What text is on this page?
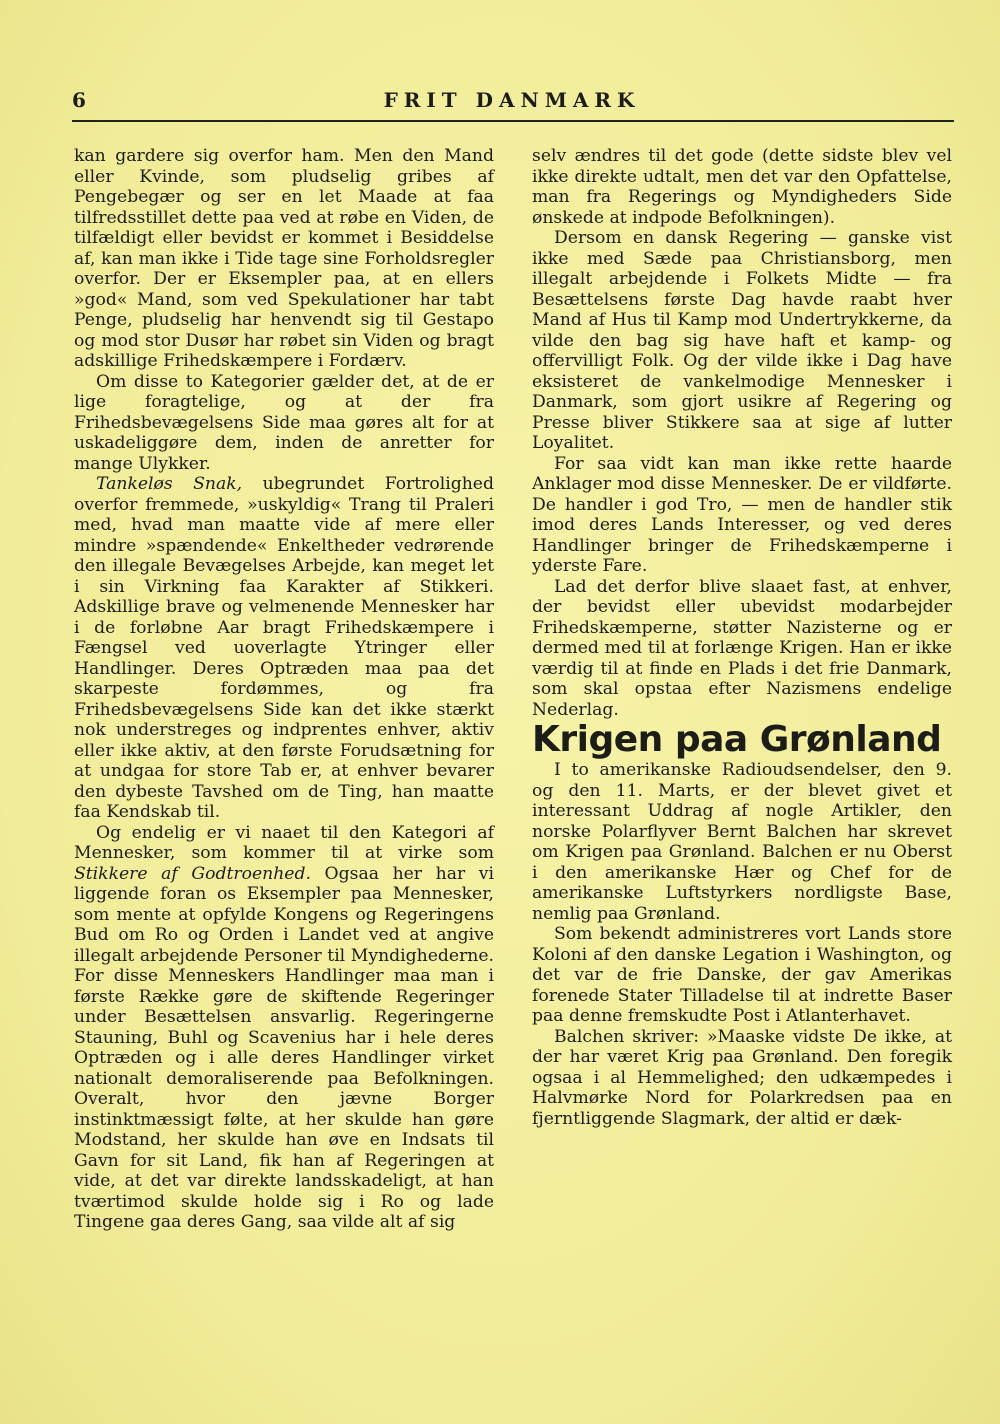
6	FRIT DANMARK

kan gardere sig overfor ham. Men den Mand eller Kvinde, som pludselig gribes af Pengebegær og ser en let Maade at faa tilfredsstillet dette paa ved at røbe en Viden, de tilfældigt eller bevidst er kommet i Besiddelse af, kan man ikke i Tide tage sine Forholdsregler overfor. Der er Eksempler paa, at en ellers »god« Mand, som ved Spekulationer har tabt Penge, pludselig har henvendt sig til Gestapo og mod stor Dusør har røbet sin Viden og bragt adskillige Frihedskæmpere i Fordærv.

Om disse to Kategorier gælder det, at de er lige foragtelige, og at der fra Frihedsbevægelsens Side maa gøres alt for at uskadeliggøre dem, inden de anretter for mange Ulykker.

Tankeløs Snak, ubegrundet Fortrolighed overfor fremmede, »uskyldig« Trang til Praleri med, hvad man maatte vide af mere eller mindre »spændende« Enkeltheder vedrørende den illegale Bevægelses Arbejde, kan meget let i sin Virkning faa Karakter af Stikkeri. Adskillige brave og velmenende Mennesker har i de forløbne Aar bragt Frihedskæmpere i Fængsel ved uoverlagte Ytringer eller Handlinger. Deres Optræden maa paa det skarpeste fordømmes, og fra Frihedsbevægelsens Side kan det ikke stærkt nok understreges og indprentes enhver, aktiv eller ikke aktiv, at den første Forudsætning for at undgaa for store Tab er, at enhver bevarer den dybeste Tavshed om de Ting, han maatte faa Kendskab til.

Og endelig er vi naaet til den Kategori af Mennesker, som kommer til at virke som Stikkere af Godtroenhed. Ogsaa her har vi liggende foran os Eksempler paa Mennesker, som mente at opfylde Kongens og Regeringens Bud om Ro og Orden i Landet ved at angive illegalt arbejdende Personer til Myndighederne. For disse Menneskers Handlinger maa man i første Række gøre de skiftende Regeringer under Besættelsen ansvarlig. Regeringerne Stauning, Buhl og Scavenius har i hele deres Optræden og i alle deres Handlinger virket nationalt demoraliserende paa Befolkningen. Overalt, hvor den jævne Borger instinktmæssigt følte, at her skulde han gøre Modstand, her skulde han øve en Indsats til Gavn for sit Land, fik han af Regeringen at vide, at det var direkte landsskadeligt, at han tværtimod skulde holde sig i Ro og lade Tingene gaa deres Gang, saa vilde alt af sig

selv ændres til det gode (dette sidste blev vel ikke direkte udtalt, men det var den Opfattelse, man fra Regerings og Myndigheders Side ønskede at indpode Befolkningen).

Dersom en dansk Regering — ganske vist ikke med Sæde paa Christiansborg, men illegalt arbejdende i Folkets Midte — fra Besættelsens første Dag havde raabt hver Mand af Hus til Kamp mod Undertrykkerne, da vilde den bag sig have haft et kamp- og offervilligt Folk. Og der vilde ikke i Dag have eksisteret de vankelmodige Mennesker i Danmark, som gjort usikre af Regering og Presse bliver Stikkere saa at sige af lutter Loyalitet.

For saa vidt kan man ikke rette haarde Anklager mod disse Mennesker. De er vildførte. De handler i god Tro, — men de handler stik imod deres Lands Interesser, og ved deres Handlinger bringer de Frihedskæmperne i yderste Fare.

Lad det derfor blive slaaet fast, at enhver, der bevidst eller ubevidst modarbejder Frihedskæmperne, støtter Nazisterne og er dermed med til at forlænge Krigen. Han er ikke værdig til at finde en Plads i det frie Danmark, som skal opstaa efter Nazismens endelige Nederlag.

Krigen paa Grønland

I to amerikanske Radioudsendelser, den 9. og den 11. Marts, er der blevet givet et interessant Uddrag af nogle Artikler, den norske Polarflyver Bernt Balchen har skrevet om Krigen paa Grønland. Balchen er nu Oberst i den amerikanske Hær og Chef for de amerikanske Luftstyrkers nordligste Base, nemlig paa Grønland.

Som bekendt administreres vort Lands store Koloni af den danske Legation i Washington, og det var de frie Danske, der gav Amerikas forenede Stater Tilladelse til at indrette Baser paa denne fremskudte Post i Atlanterhavet.

Balchen skriver: »Maaske vidste De ikke, at der har været Krig paa Grønland. Den foregik ogsaa i al Hemmelighed; den udkæmpedes i Halvmørke Nord for Polarkredsen paa en fjerntliggende Slagmark, der altid er dæk-
